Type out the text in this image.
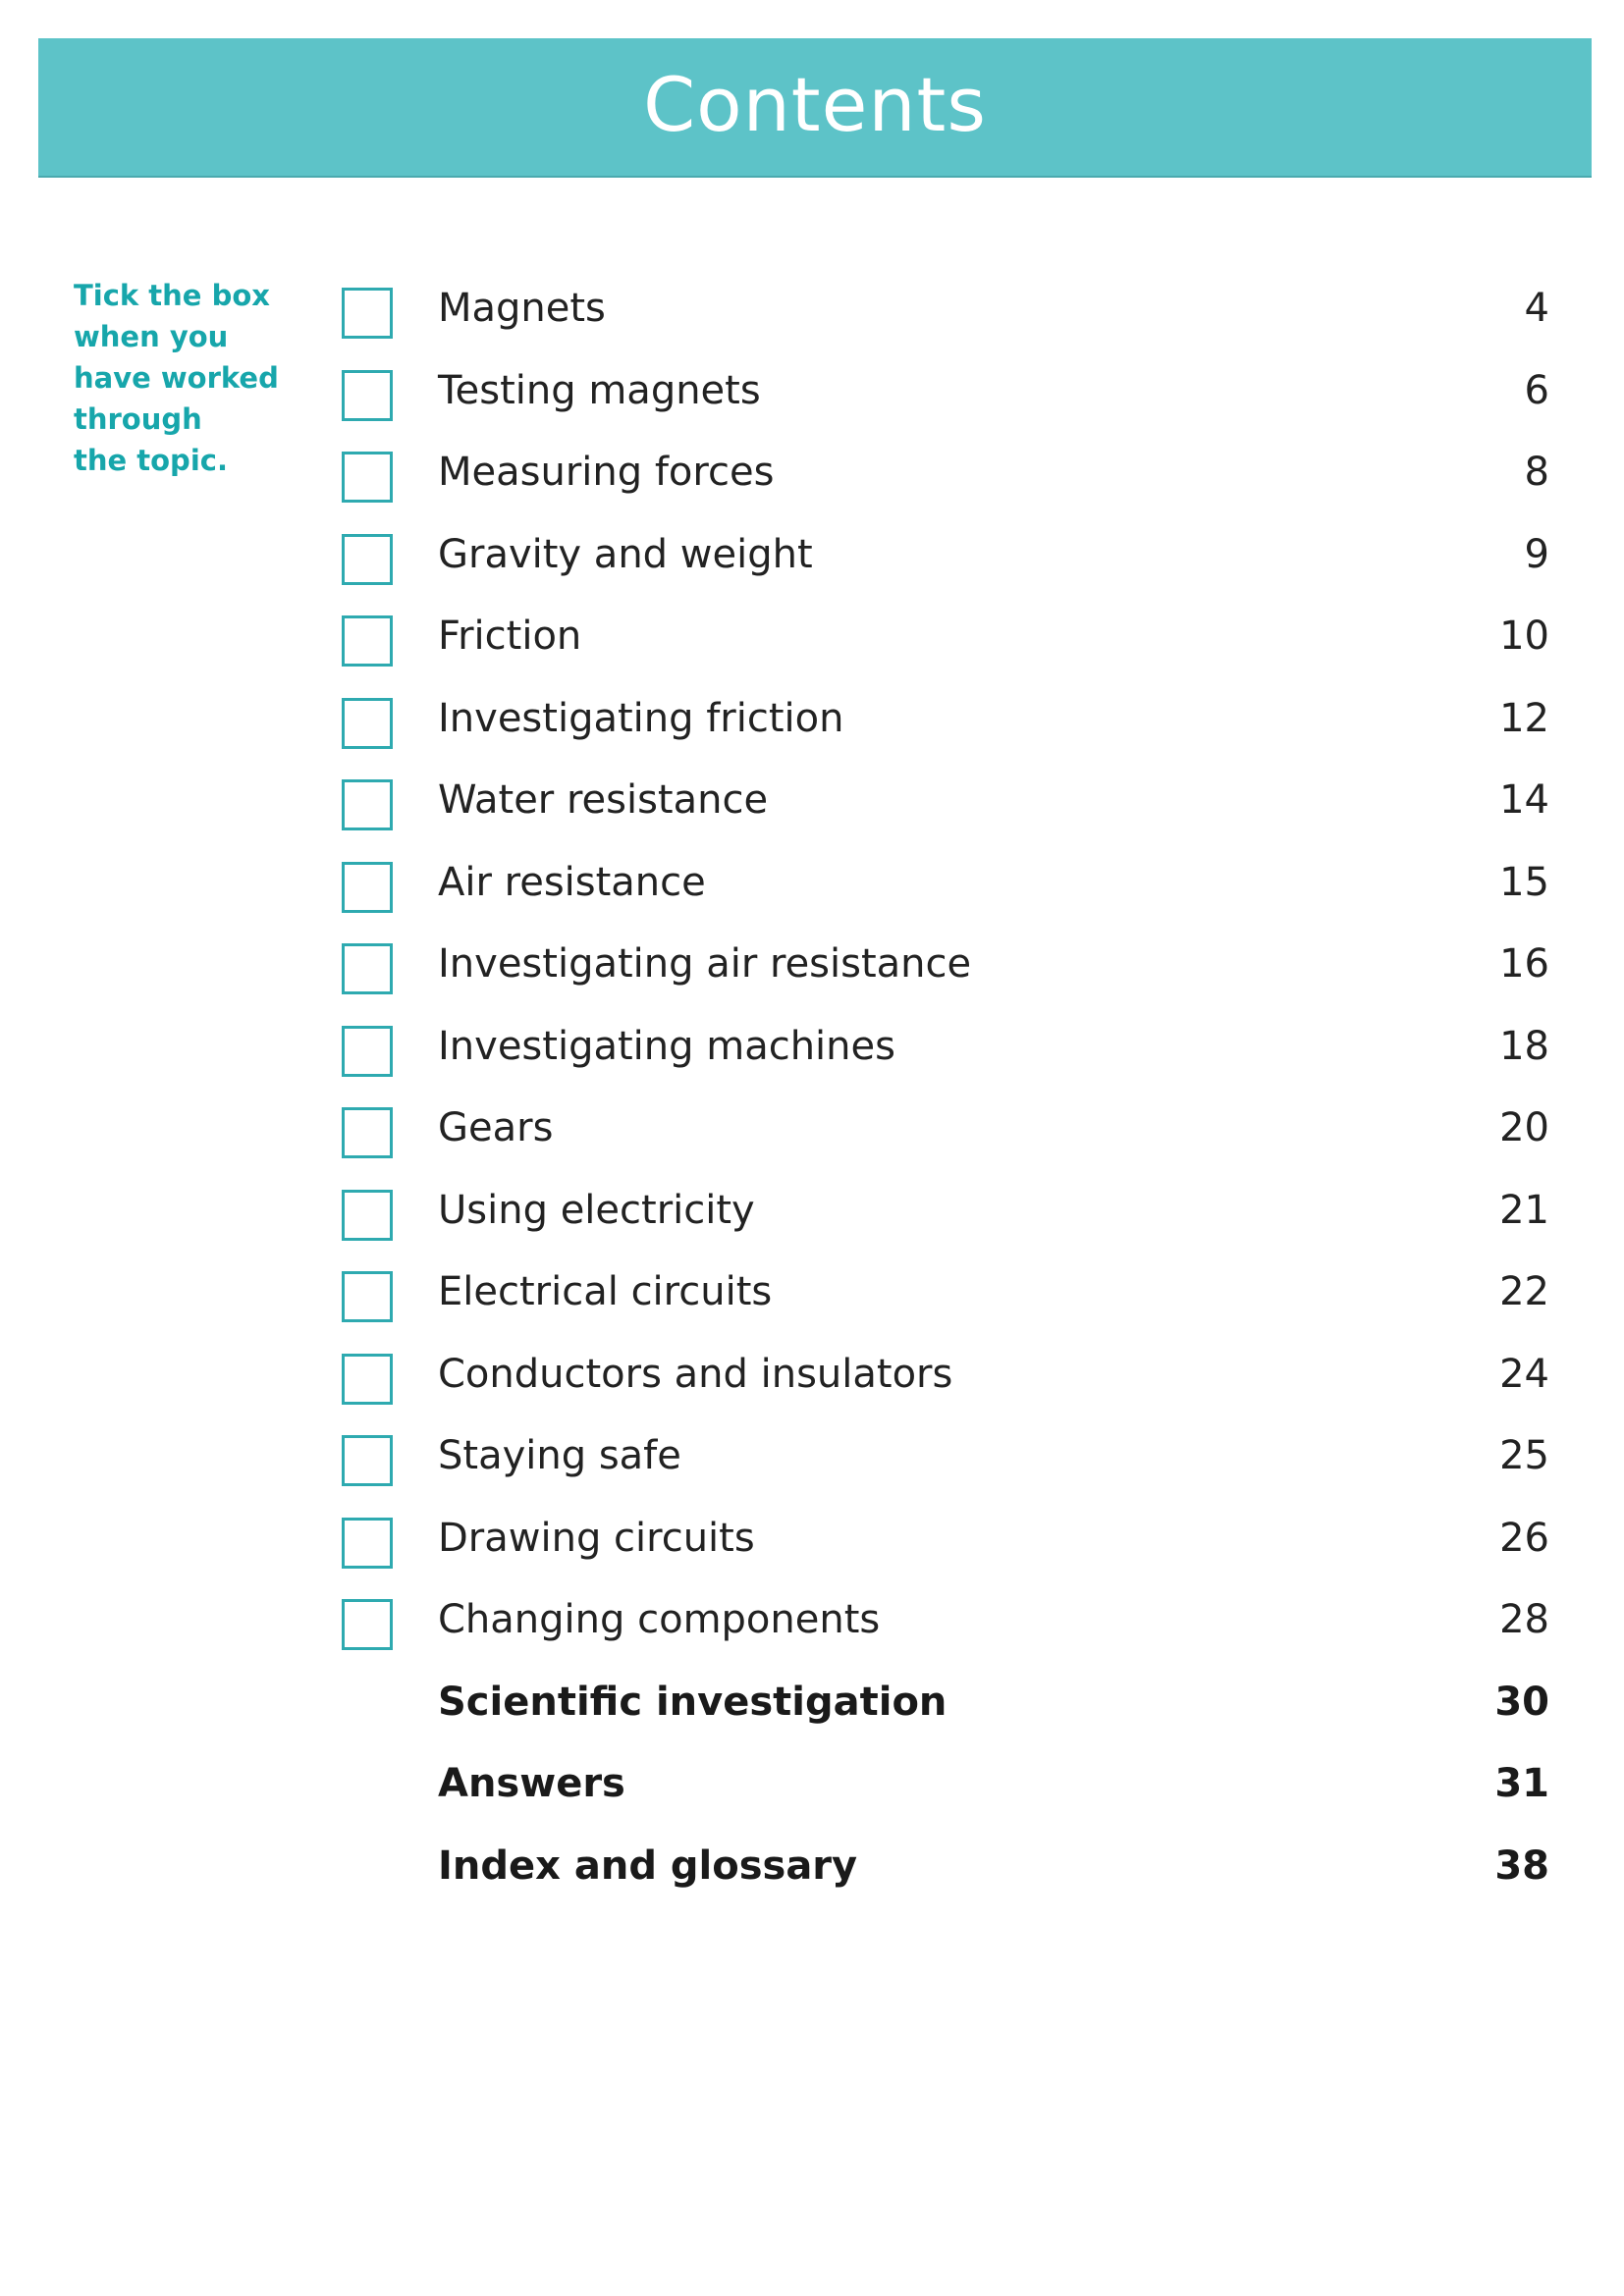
Contents
Tick the box
when you
have worked
through
the topic.
Magnets	4
Testing magnets	6
Measuring forces	8
Gravity and weight	9
Friction	10
Investigating friction	12
Water resistance	14
Air resistance	15
Investigating air resistance	16
Investigating machines	18
Gears	20
Using electricity	21
Electrical circuits	22
Conductors and insulators	24
Staying safe	25
Drawing circuits	26
Changing components	28
Scientific investigation	30
Answers	31
Index and glossary	38
